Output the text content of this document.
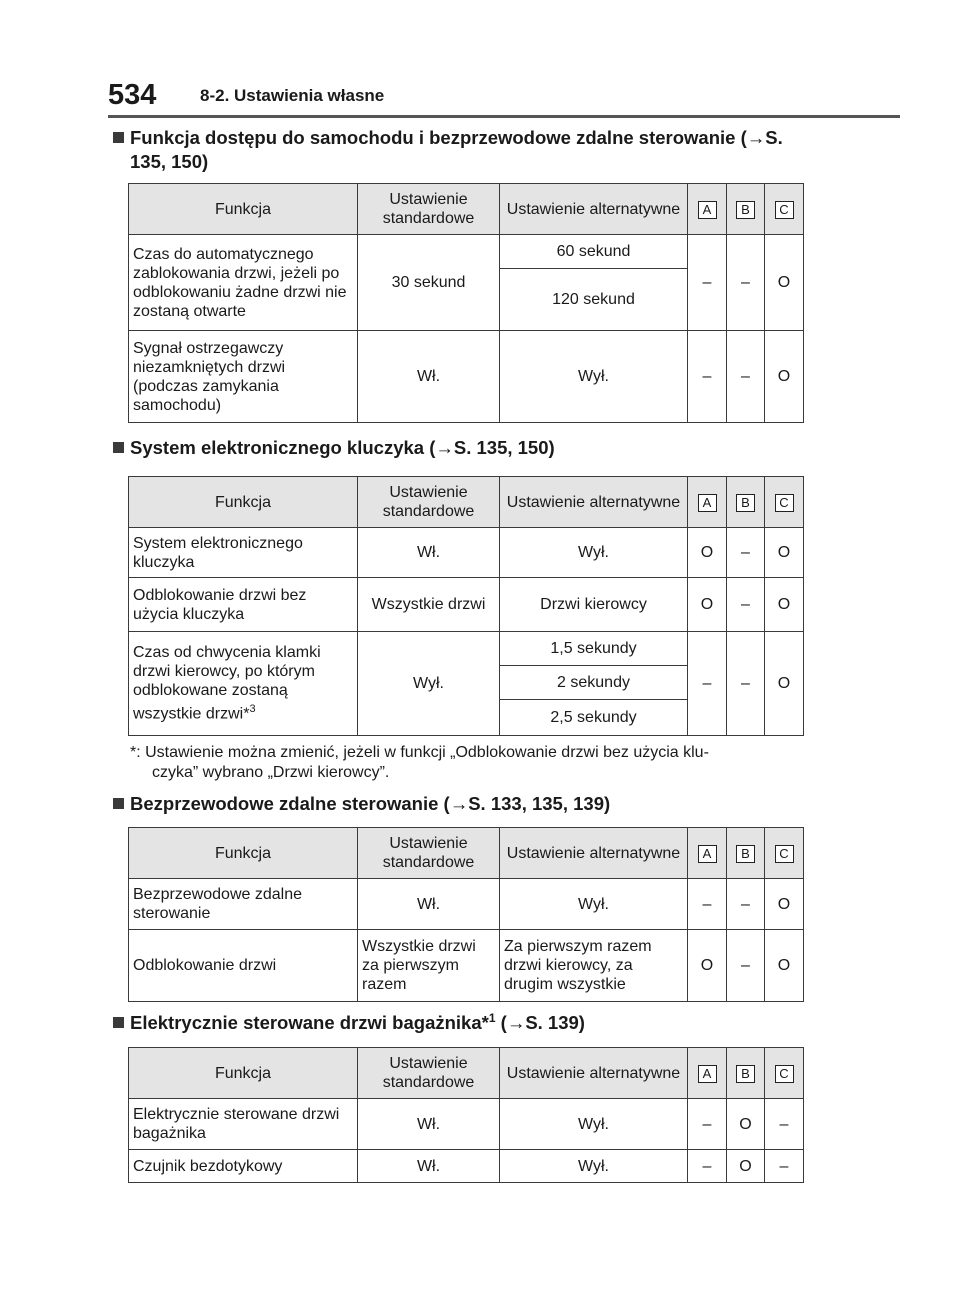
534	8-2. Ustawienia własne
Funkcja dostępu do samochodu i bezprzewodowe zdalne sterowanie (→S. 135, 150)
Funkcja	Ustawienie standardowe	Ustawienie alternatywne	A	B	C
Czas do automatycznego zablokowania drzwi, jeżeli po odblokowaniu żadne drzwi nie zostaną otwarte	30 sekund	60 sekund	–	–	O
		120 sekund			
Sygnał ostrzegawczy niezamkniętych drzwi (podczas zamykania samochodu)	Wł.	Wył.	–	–	O
System elektronicznego kluczyka (→S. 135, 150)
Funkcja	Ustawienie standardowe	Ustawienie alternatywne	A	B	C
System elektronicznego kluczyka	Wł.	Wył.	O	–	O
Odblokowanie drzwi bez użycia kluczyka	Wszystkie drzwi	Drzwi kierowcy	O	–	O
Czas od chwycenia klamki drzwi kierowcy, po którym odblokowane zostaną wszystkie drzwi*$^3$	Wył.	1,5 sekundy	–	–	O
		2 sekundy			
		2,5 sekundy			
*: Ustawienie można zmienić, jeżeli w funkcji „Odblokowanie drzwi bez użycia klu-
czyka” wybrano „Drzwi kierowcy”.
Bezprzewodowe zdalne sterowanie (→S. 133, 135, 139)
Funkcja	Ustawienie standardowe	Ustawienie alternatywne	A	B	C
Bezprzewodowe zdalne sterowanie	Wł.	Wył.	–	–	O
Odblokowanie drzwi	Wszystkie drzwi za pierwszym razem	Za pierwszym razem drzwi kierowcy, za drugim wszystkie	O	–	O
Elektrycznie sterowane drzwi bagażnika*$^1$ (→S. 139)
Funkcja	Ustawienie standardowe	Ustawienie alternatywne	A	B	C
Elektrycznie sterowane drzwi bagażnika	Wł.	Wył.	–	O	–
Czujnik bezdotykowy	Wł.	Wył.	–	O	–
